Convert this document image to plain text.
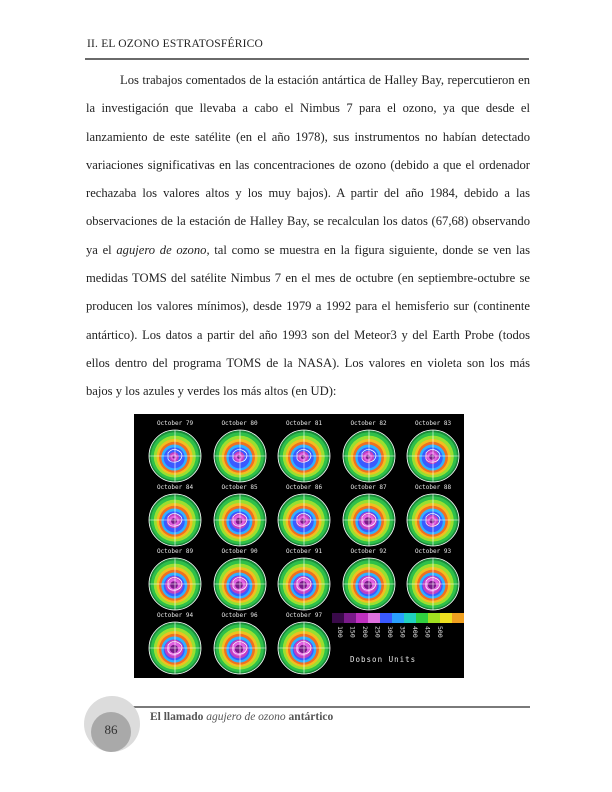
II. EL OZONO ESTRATOSFÉRICO

Los trabajos comentados de la estación antártica de Halley Bay, repercutieron en la investigación que llevaba a cabo el Nimbus 7 para el ozono, ya que desde el lanzamiento de este satélite (en el año 1978), sus instrumentos no habían detectado variaciones significativas en las concentraciones de ozono (debido a que el ordenador rechazaba los valores altos y los muy bajos). A partir del año 1984, debido a las observaciones de la estación de Halley Bay, se recalculan los datos (67,68) observando ya el agujero de ozono, tal como se muestra en la figura siguiente, donde se ven las medidas TOMS del satélite Nimbus 7 en el mes de octubre (en septiembre-octubre se producen los valores mínimos), desde 1979 a 1992 para el hemisferio sur (continente antártico). Los datos a partir del año 1993 son del Meteor3 y del Earth Probe (todos ellos dentro del programa TOMS de la NASA). Los valores en violeta son los más bajos y los azules y verdes los más altos (en UD):

100 150 200 250 300 350 400 450 500
Dobson Units
October 79	October 80	October 81	October 82	October 83
October 84	October 85	October 86	October 87	October 88
October 89	October 90	October 91	October 92	October 93
October 94	October 96	October 97
86
El llamado agujero de ozono antártico
